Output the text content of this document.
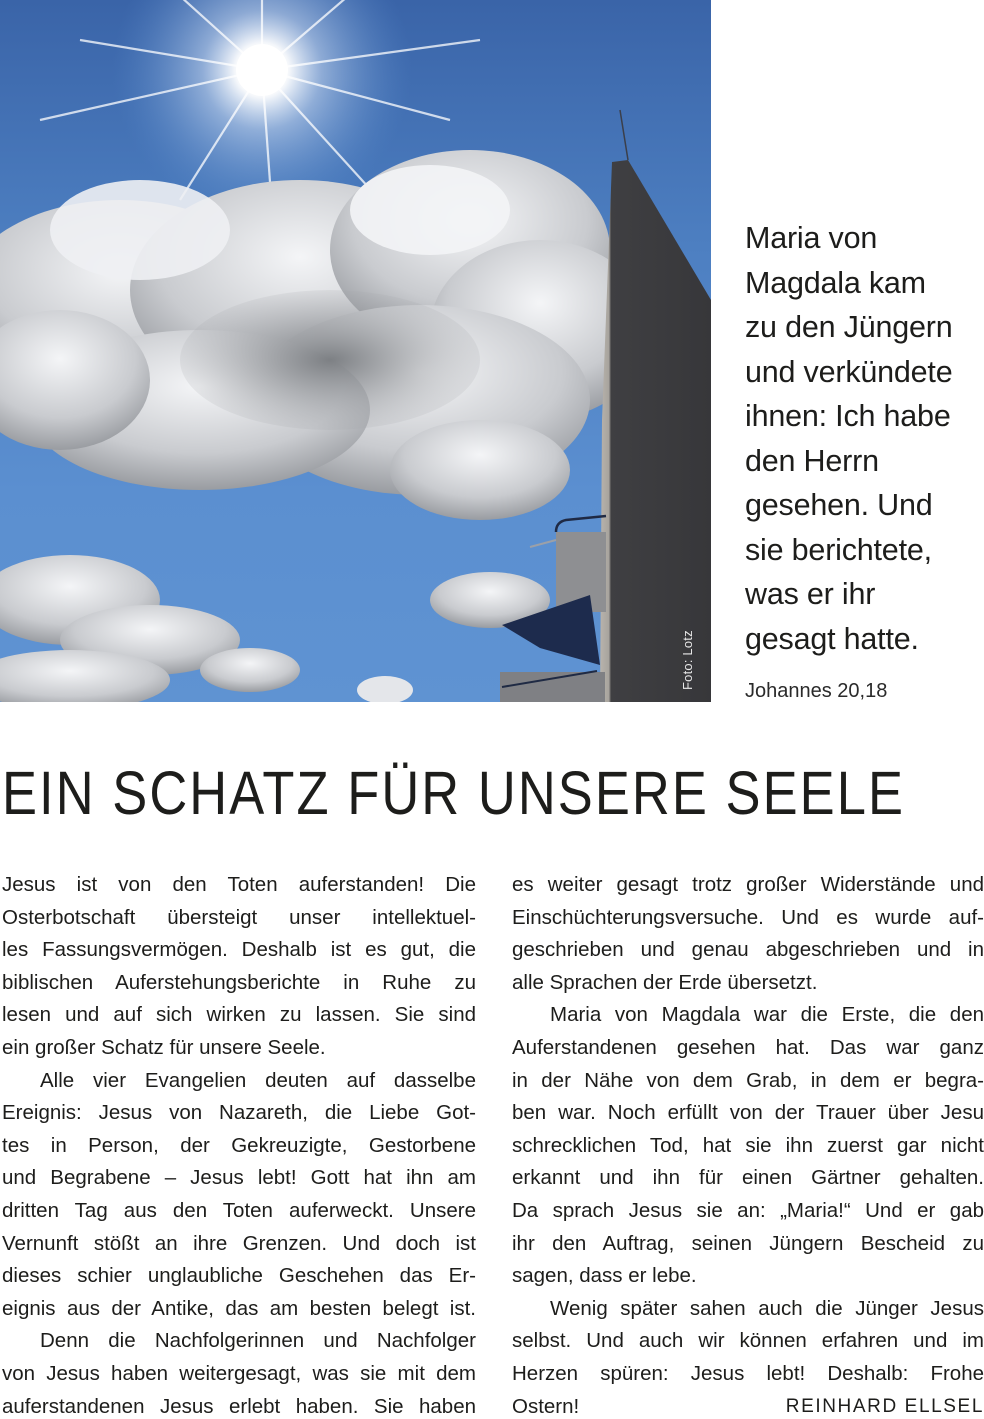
Foto: Lotz
Maria von
Magdala kam
zu den Jüngern
und verkündete
ihnen: Ich habe
den Herrn
gesehen. Und
sie berichtete,
was er ihr
gesagt hatte.
Johannes 20,18
EIN SCHATZ FÜR UNSERE SEELE
Jesus ist von den Toten auferstanden! Die
Osterbotschaft übersteigt unser intellektuel-
les Fassungsvermögen. Deshalb ist es gut, die
biblischen Auferstehungsberichte in Ruhe zu
lesen und auf sich wirken zu lassen. Sie sind
ein großer Schatz für unsere Seele.
Alle vier Evangelien deuten auf dasselbe
Ereignis: Jesus von Nazareth, die Liebe Got-
tes in Person, der Gekreuzigte, Gestorbene
und Begrabene – Jesus lebt! Gott hat ihn am
dritten Tag aus den Toten auferweckt. Unsere
Vernunft stößt an ihre Grenzen. Und doch ist
dieses schier unglaubliche Geschehen das Er-
eignis aus der Antike, das am besten belegt ist.
Denn die Nachfolgerinnen und Nachfolger
von Jesus haben weitergesagt, was sie mit dem
auferstandenen Jesus erlebt haben. Sie haben
es weiter gesagt trotz großer Widerstände und
Einschüchterungsversuche. Und es wurde auf-
geschrieben und genau abgeschrieben und in
alle Sprachen der Erde übersetzt.
Maria von Magdala war die Erste, die den
Auferstandenen gesehen hat. Das war ganz
in der Nähe von dem Grab, in dem er begra-
ben war. Noch erfüllt von der Trauer über Jesu
schrecklichen Tod, hat sie ihn zuerst gar nicht
erkannt und ihn für einen Gärtner gehalten.
Da sprach Jesus sie an: „Maria!“ Und er gab
ihr den Auftrag, seinen Jüngern Bescheid zu
sagen, dass er lebe.
Wenig später sahen auch die Jünger Jesus
selbst. Und auch wir können erfahren und im
Herzen spüren: Jesus lebt! Deshalb: Frohe
Ostern!	REINHARD ELLSEL
